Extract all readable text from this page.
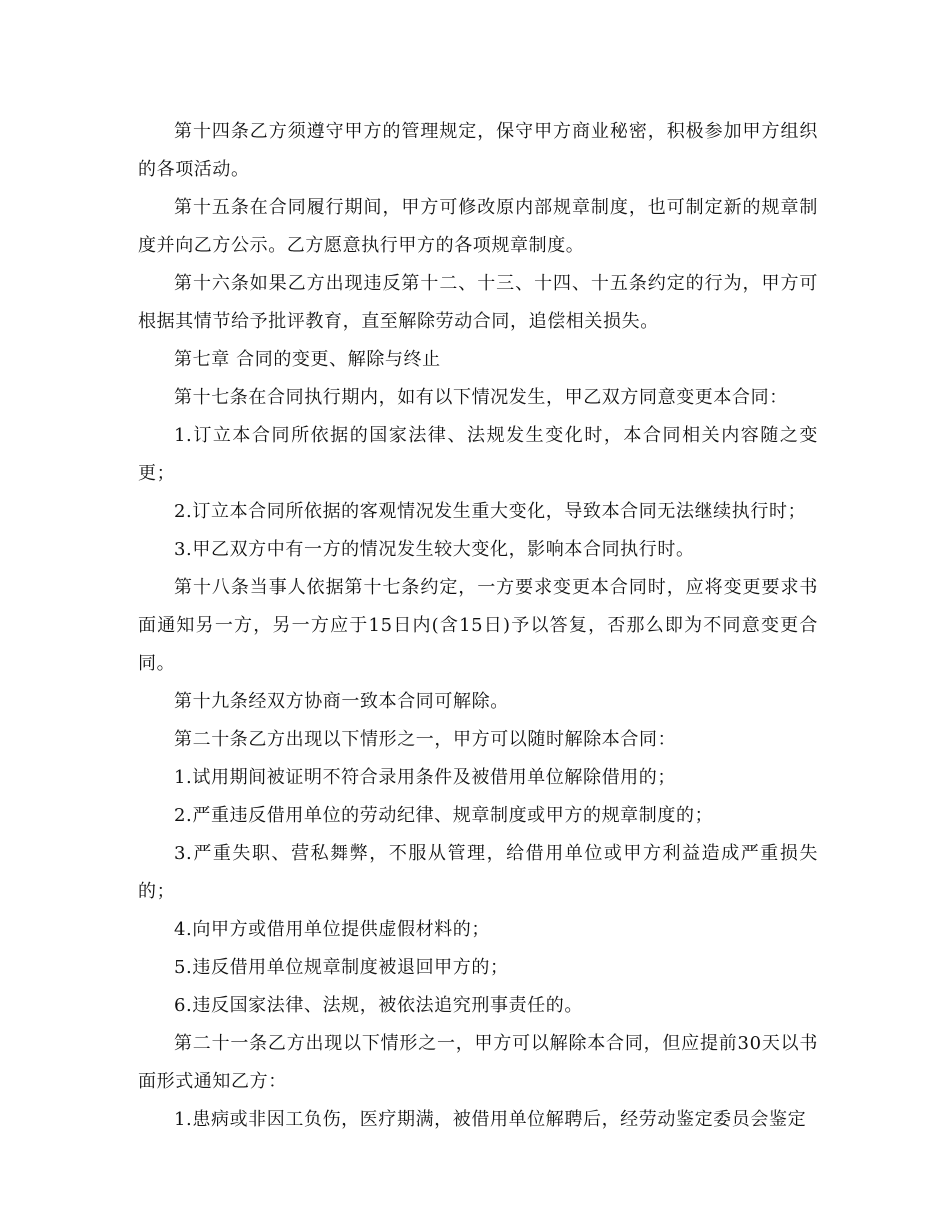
第十四条乙方须遵守甲方的管理规定，保守甲方商业秘密，积极参加甲方组织的各项活动。

第十五条在合同履行期间，甲方可修改原内部规章制度，也可制定新的规章制度并向乙方公示。乙方愿意执行甲方的各项规章制度。

第十六条如果乙方出现违反第十二、十三、十四、十五条约定的行为，甲方可根据其情节给予批评教育，直至解除劳动合同，追偿相关损失。

第七章 合同的变更、解除与终止

第十七条在合同执行期内，如有以下情况发生，甲乙双方同意变更本合同：

1.订立本合同所依据的国家法律、法规发生变化时，本合同相关内容随之变更；

2.订立本合同所依据的客观情况发生重大变化，导致本合同无法继续执行时；

3.甲乙双方中有一方的情况发生较大变化，影响本合同执行时。

第十八条当事人依据第十七条约定，一方要求变更本合同时，应将变更要求书面通知另一方，另一方应于15日内(含15日)予以答复，否那么即为不同意变更合同。

第十九条经双方协商一致本合同可解除。

第二十条乙方出现以下情形之一，甲方可以随时解除本合同：

1.试用期间被证明不符合录用条件及被借用单位解除借用的；

2.严重违反借用单位的劳动纪律、规章制度或甲方的规章制度的；

3.严重失职、营私舞弊，不服从管理，给借用单位或甲方利益造成严重损失的；

4.向甲方或借用单位提供虚假材料的；

5.违反借用单位规章制度被退回甲方的；

6.违反国家法律、法规，被依法追究刑事责任的。

第二十一条乙方出现以下情形之一，甲方可以解除本合同，但应提前30天以书面形式通知乙方：

1.患病或非因工负伤，医疗期满，被借用单位解聘后，经劳动鉴定委员会鉴定
